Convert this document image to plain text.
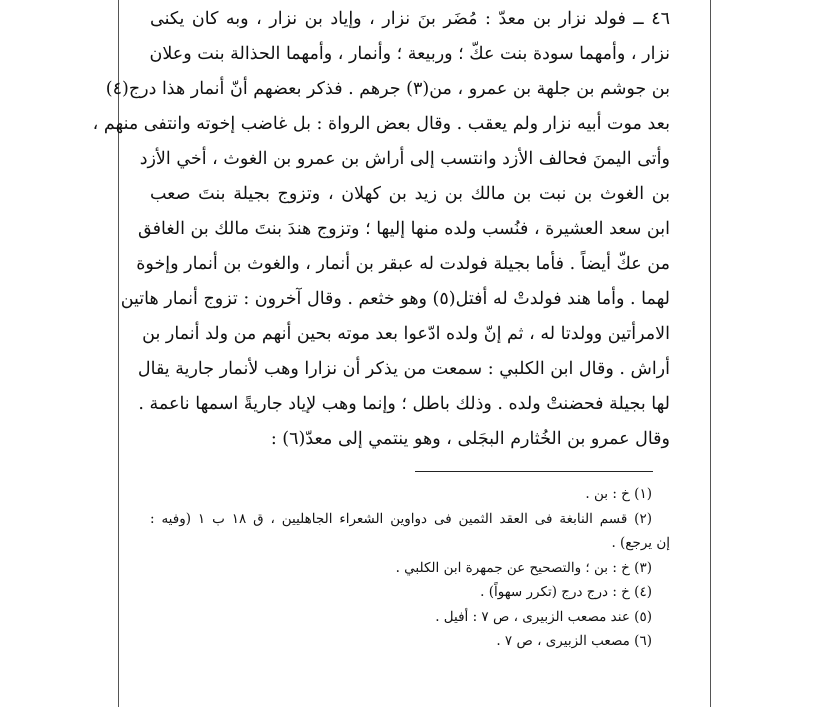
٤٦ ــ فولد نزار بن معدّ : مُضَر بنَ نزار ، وإياد بن نزار ، وبه كان يكنى
نزار ، وأمهما سودة بنت عكّ ؛ وربيعة ؛ وأنمار ، وأمهما الحذالة بنت وعلان
بن جوشم بن جلهة بن عمرو ، من(٣) جرهم . فذكر بعضهم أنّ أنمار هذا درج(٤)
بعد موت أبيه نزار ولم يعقب . وقال بعض الرواة : بل غاضب إخوته وانتفى منهم ،
وأتى اليمنَ فحالف الأزد وانتسب إلى أراش بن عمرو بن الغوث ، أخي الأزد
بن الغوث بن نبت بن مالك بن زيد بن كهلان ، وتزوج بجيلة بنتَ صعب
ابن سعد العشيرة ، فنُسب ولده منها إليها ؛ وتزوج هندَ بنتَ مالك بن الغافق
من عكّ أيضاً . فأما بجيلة فولدت له عبقر بن أنمار ، والغوث بن أنمار وإخوة
لهما . وأما هند فولدتْ له أفتل(٥) وهو خثعم . وقال آخرون : تزوج أنمار هاتين
الامرأتين وولدتا له ، ثم إنّ ولده ادّعوا بعد موته بحين أنهم من ولد أنمار بن
أراش . وقال ابن الكلبي : سمعت من يذكر أن نزارا وهب لأنمار جارية يقال
لها بجيلة فحضنتْ ولده . وذلك باطل ؛ وإنما وهب لإياد جاريةً اسمها ناعمة .
وقال عمرو بن الخُثارم البجَلى ، وهو ينتمي إلى معدّ(٦) :
(١) خ : بن .
(٢) قسم النابغة فى العقد الثمين فى دواوين الشعراء الجاهليين ، ق ١٨ ب ١ (وفيه :
إن يرجع) .
(٣) خ : بن ؛ والتصحيح عن جمهرة ابن الكلبي .
(٤) خ : درج درج (تكرر سهواً) .
(٥) عند مصعب الزبيرى ، ص ٧ : أفيل .
(٦) مصعب الزبيرى ، ص ٧ .
